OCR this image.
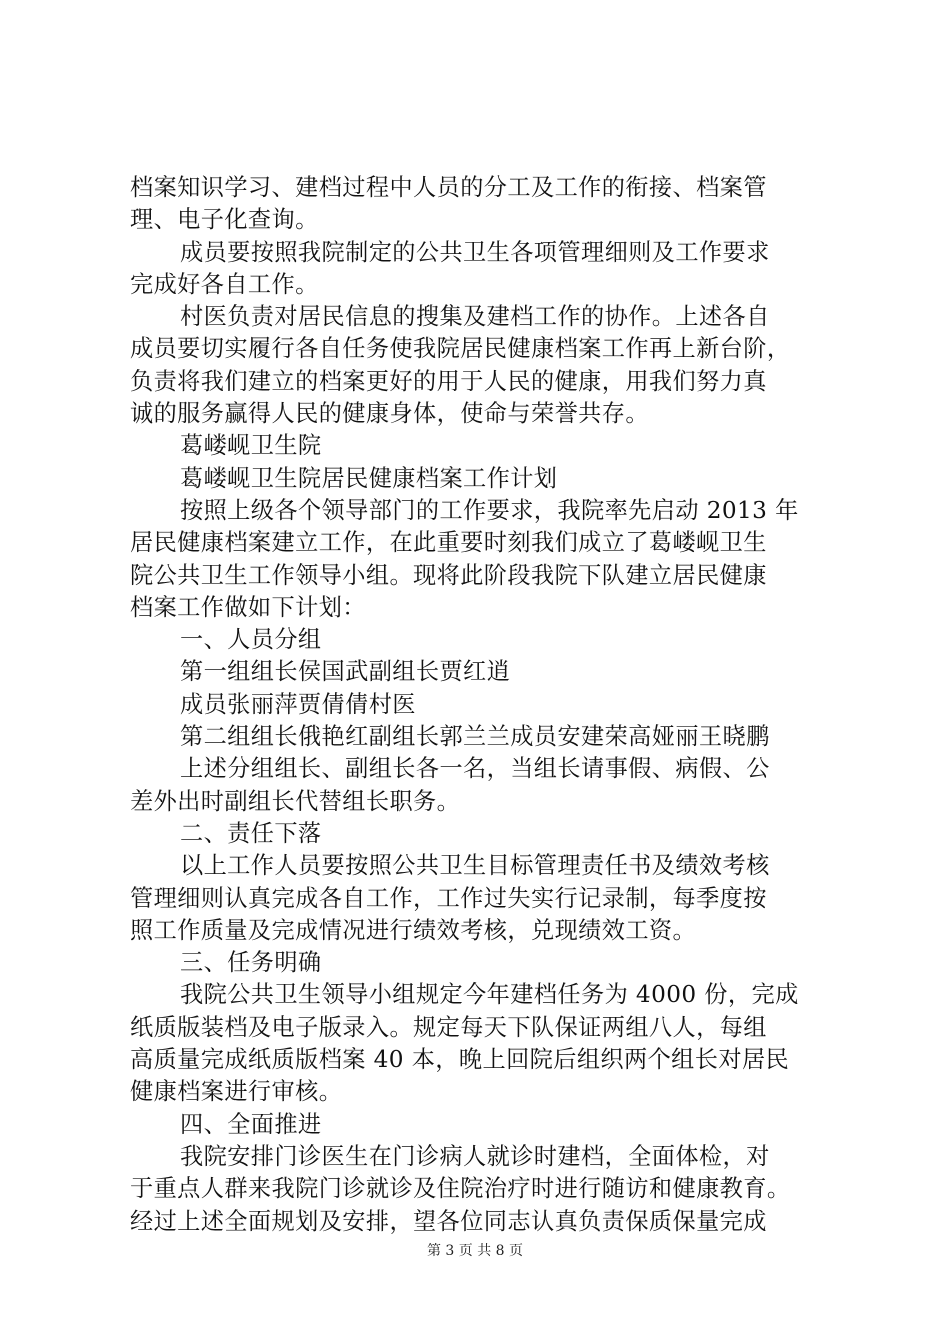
档案知识学习、建档过程中人员的分工及工作的衔接、档案管
理、电子化查询。
成员要按照我院制定的公共卫生各项管理细则及工作要求
完成好各自工作。
村医负责对居民信息的搜集及建档工作的协作。上述各自
成员要切实履行各自任务使我院居民健康档案工作再上新台阶，
负责将我们建立的档案更好的用于人民的健康，用我们努力真
诚的服务赢得人民的健康身体，使命与荣誉共存。
葛嵝岘卫生院
葛嵝岘卫生院居民健康档案工作计划
按照上级各个领导部门的工作要求，我院率先启动 2013 年
居民健康档案建立工作，在此重要时刻我们成立了葛嵝岘卫生
院公共卫生工作领导小组。现将此阶段我院下队建立居民健康
档案工作做如下计划：
一、人员分组
第一组组长侯国武副组长贾红逍
成员张丽萍贾倩倩村医
第二组组长俄艳红副组长郭兰兰成员安建荣高娅丽王晓鹏
上述分组组长、副组长各一名，当组长请事假、病假、公
差外出时副组长代替组长职务。
二、责任下落
以上工作人员要按照公共卫生目标管理责任书及绩效考核
管理细则认真完成各自工作，工作过失实行记录制，每季度按
照工作质量及完成情况进行绩效考核，兑现绩效工资。
三、任务明确
我院公共卫生领导小组规定今年建档任务为 4000 份，完成
纸质版装档及电子版录入。规定每天下队保证两组八人，每组
高质量完成纸质版档案 40 本，晚上回院后组织两个组长对居民
健康档案进行审核。
四、全面推进
我院安排门诊医生在门诊病人就诊时建档，全面体检，对
于重点人群来我院门诊就诊及住院治疗时进行随访和健康教育。
经过上述全面规划及安排，望各位同志认真负责保质保量完成
第 3 页 共 8 页
